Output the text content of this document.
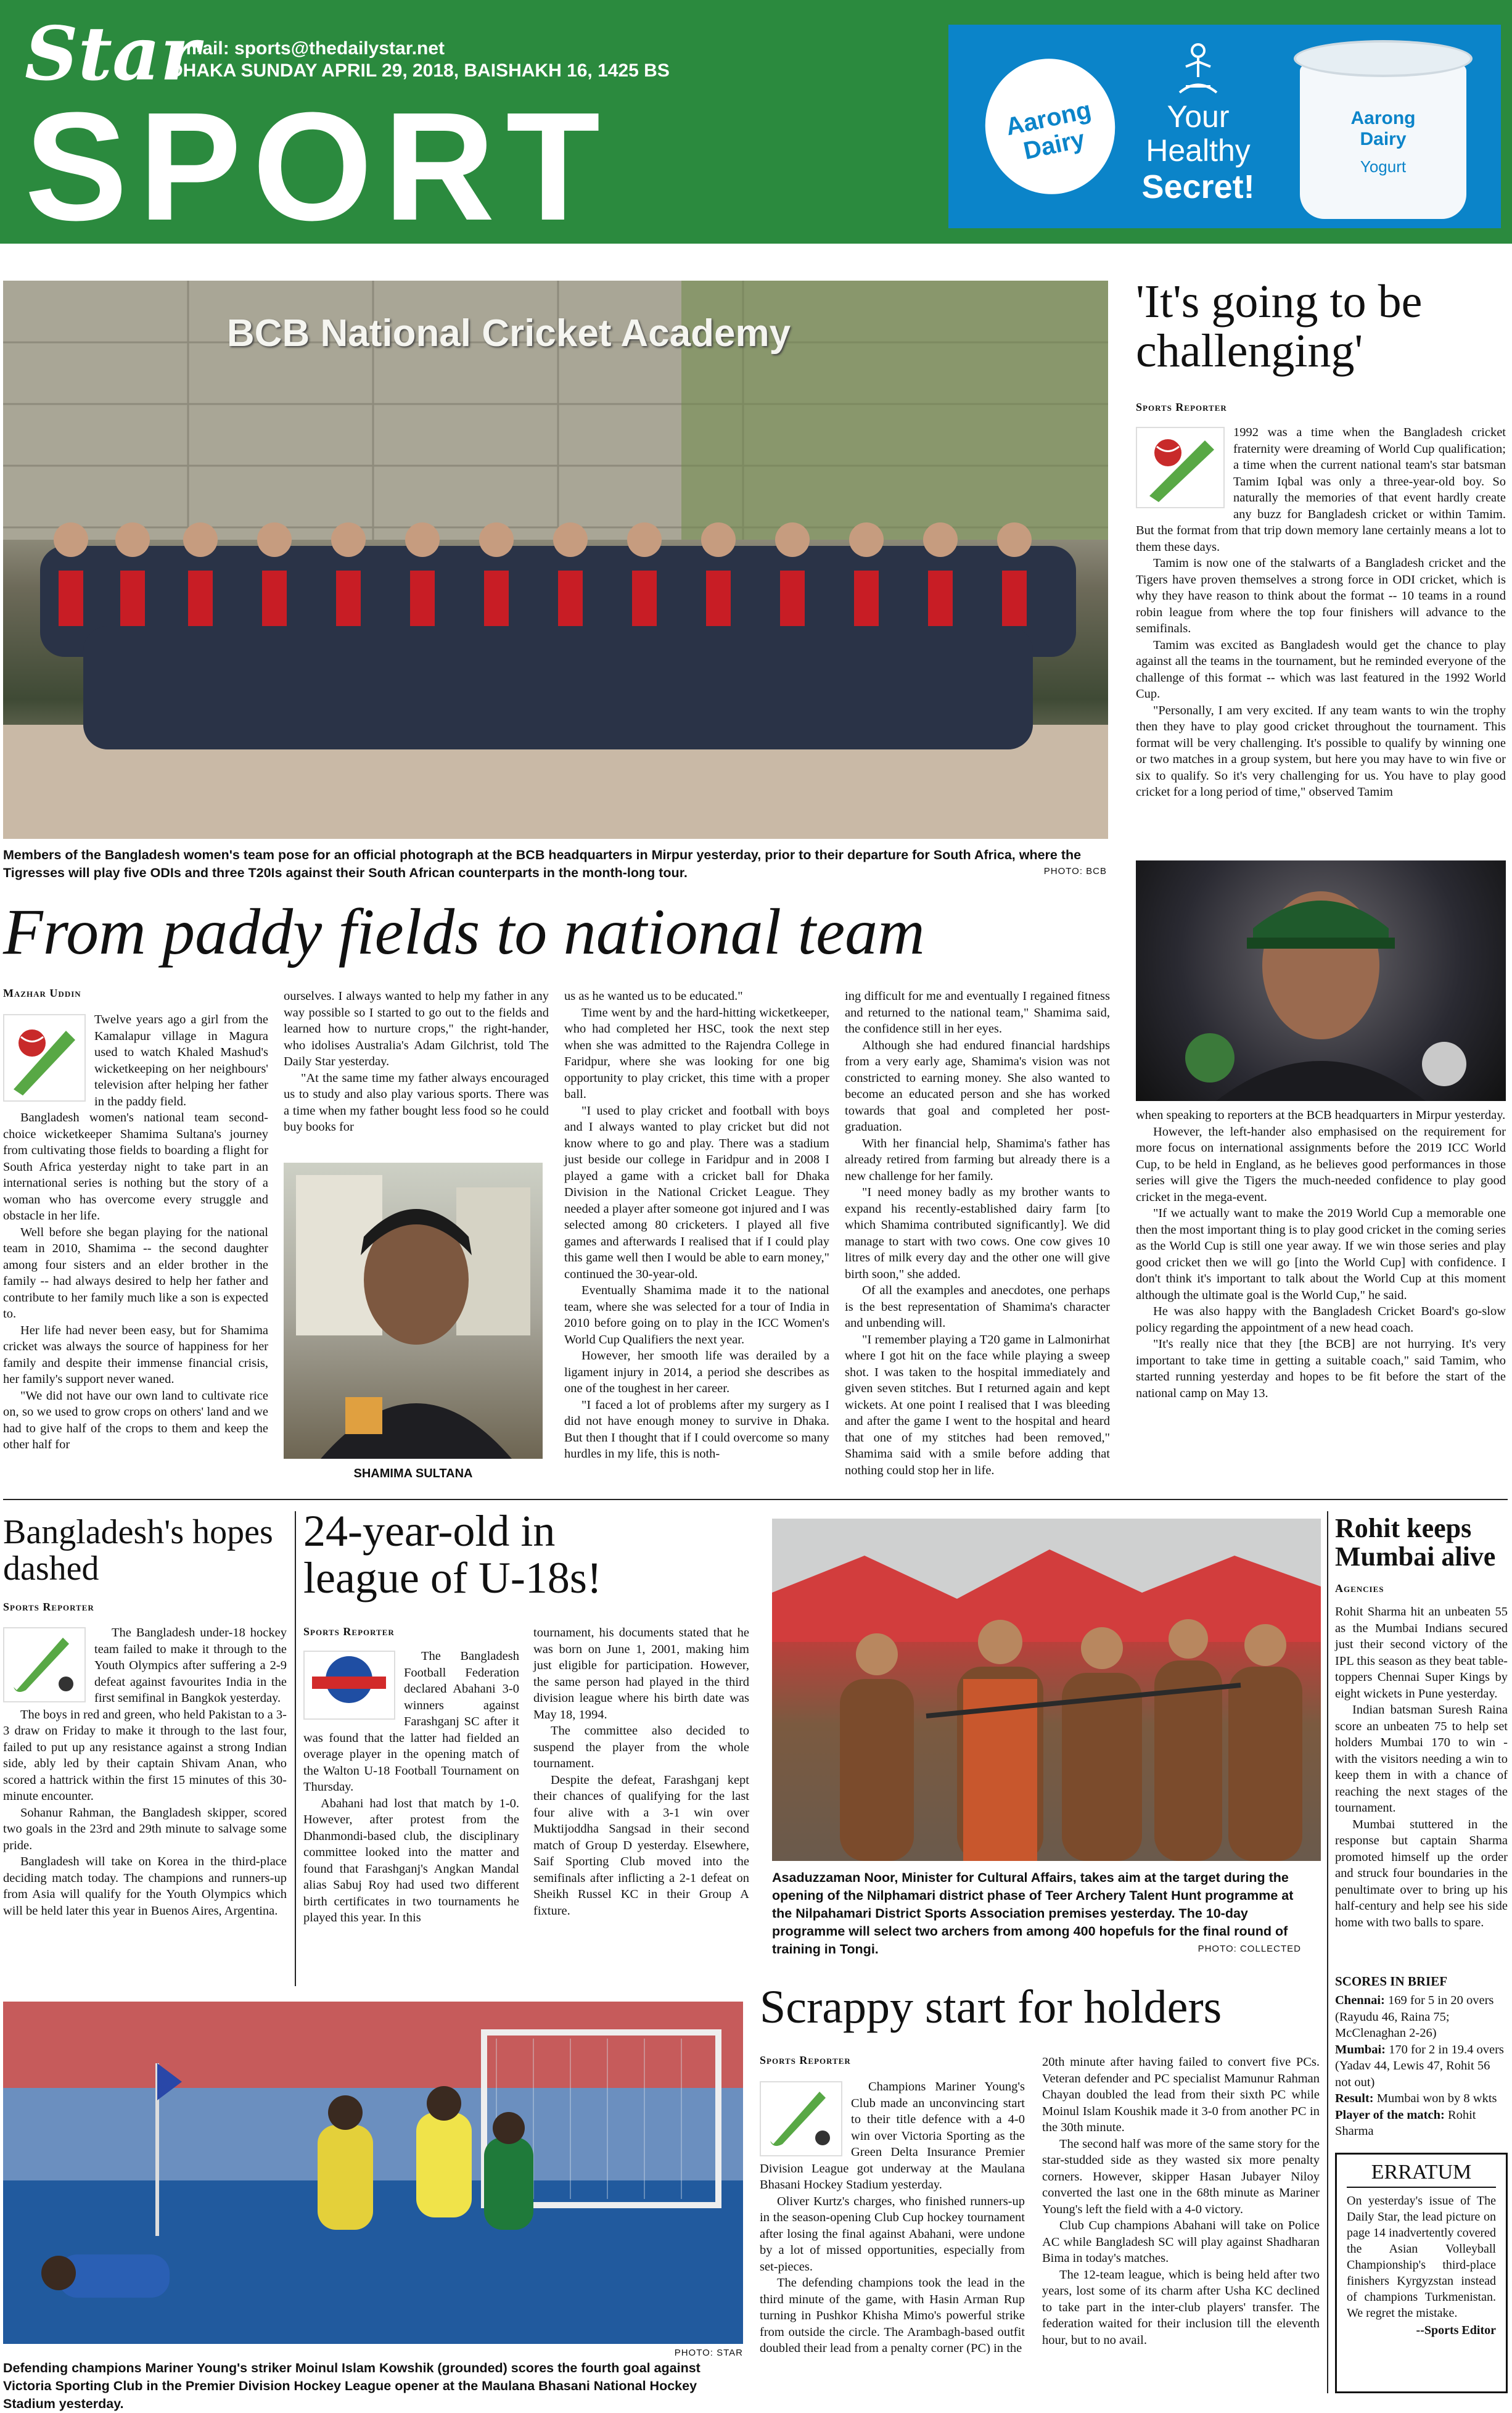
Star
e-mail: sports@thedailystar.net
DHAKA SUNDAY APRIL 29, 2018, BAISHAKH 16, 1425 BS
SPORT	Aarong Dairy
Your
Healthy
Secret!
Aarong Dairy
Yogurt
BCB National Cricket Academy
Members of the Bangladesh women's team pose for an official photograph at the BCB headquarters in Mirpur yesterday, prior to their departure for South Africa, where the Tigresses will play five ODIs and three T20Is against their South African counterparts in the month-long tour.	PHOTO: BCB
'It's going to be challenging'
Sports Reporter

1992 was a time when the Bangladesh cricket fraternity were dreaming of World Cup qualification; a time when the current national team's star batsman Tamim Iqbal was only a three-year-old boy. So naturally the memories of that event hardly create any buzz for Bangladesh cricket or within Tamim. But the format from that trip down memory lane certainly means a lot to them these days.

Tamim is now one of the stalwarts of a Bangladesh cricket and the Tigers have proven themselves a strong force in ODI cricket, which is why they have reason to think about the format -- 10 teams in a round robin league from where the top four finishers will advance to the semifinals.

Tamim was excited as Bangladesh would get the chance to play against all the teams in the tournament, but he reminded everyone of the challenge of this format -- which was last featured in the 1992 World Cup.

"Personally, I am very excited. If any team wants to win the trophy then they have to play good cricket throughout the tournament. This format will be very challenging. It's possible to qualify by winning one or two matches in a group system, but here you may have to win five or six to qualify. So it's very challenging for us. You have to play good cricket for a long period of time," observed Tamim

when speaking to reporters at the BCB headquarters in Mirpur yesterday.

However, the left-hander also emphasised on the requirement for more focus on international assignments before the 2019 ICC World Cup, to be held in England, as he believes good performances in those series will give the Tigers the much-needed confidence to play good cricket in the mega-event.

"If we actually want to make the 2019 World Cup a memorable one then the most important thing is to play good cricket in the coming series as the World Cup is still one year away. If we win those series and play good cricket then we will go [into the World Cup] with confidence. I don't think it's important to talk about the World Cup at this moment although the ultimate goal is the World Cup," he said.

He was also happy with the Bangladesh Cricket Board's go-slow policy regarding the appointment of a new head coach.

"It's really nice that they [the BCB] are not hurrying. It's very important to take time in getting a suitable coach," said Tamim, who started running yesterday and hopes to be fit before the start of the national camp on May 13.

From paddy fields to national team
Mazhar Uddin

Twelve years ago a girl from the Kamalapur village in Magura used to watch Khaled Mashud's wicketkeeping on her neighbours' television after helping her father in the paddy field.

Bangladesh women's national team second-choice wicketkeeper Shamima Sultana's journey from cultivating those fields to boarding a flight for South Africa yesterday night to take part in an international series is nothing but the story of a woman who has overcome every struggle and obstacle in her life.

Well before she began playing for the national team in 2010, Shamima -- the second daughter among four sisters and an elder brother in the family -- had always desired to help her father and contribute to her family much like a son is expected to.

Her life had never been easy, but for Shamima cricket was always the source of happiness for her family and despite their immense financial crisis, her family's support never waned.

"We did not have our own land to cultivate rice on, so we used to grow crops on others' land and we had to give half of the crops to them and keep the other half for

ourselves. I always wanted to help my father in any way possible so I started to go out to the fields and learned how to nurture crops," the right-hander, who idolises Australia's Adam Gilchrist, told The Daily Star yesterday.

"At the same time my father always encouraged us to study and also play various sports. There was a time when my father bought less food so he could buy books for

SHAMIMA SULTANA

us as he wanted us to be educated."

Time went by and the hard-hitting wicketkeeper, who had completed her HSC, took the next step when she was admitted to the Rajendra College in Faridpur, where she was looking for one big opportunity to play cricket, this time with a proper ball.

"I used to play cricket and football with boys and I always wanted to play cricket but did not know where to go and play. There was a stadium just beside our college in Faridpur and in 2008 I played a game with a cricket ball for Dhaka Division in the National Cricket League. They needed a player after someone got injured and I was selected among 80 cricketers. I played all five games and afterwards I realised that if I could play this game well then I would be able to earn money," continued the 30-year-old.

Eventually Shamima made it to the national team, where she was selected for a tour of India in 2010 before going on to play in the ICC Women's World Cup Qualifiers the next year.

However, her smooth life was derailed by a ligament injury in 2014, a period she describes as one of the toughest in her career.

"I faced a lot of problems after my surgery as I did not have enough money to survive in Dhaka. But then I thought that if I could overcome so many hurdles in my life, this is noth-

ing difficult for me and eventually I regained fitness and returned to the national team," Shamima said, the confidence still in her eyes.

Although she had endured financial hardships from a very early age, Shamima's vision was not constricted to earning money. She also wanted to become an educated person and she has worked towards that goal and completed her post-graduation.

With her financial help, Shamima's father has already retired from farming but already there is a new challenge for her family.

"I need money badly as my brother wants to expand his recently-established dairy farm [to which Shamima contributed significantly]. We did manage to start with two cows. One cow gives 10 litres of milk every day and the other one will give birth soon," she added.

Of all the examples and anecdotes, one perhaps is the best representation of Shamima's character and unbending will.

"I remember playing a T20 game in Lalmonirhat where I got hit on the face while playing a sweep shot. I was taken to the hospital immediately and given seven stitches. But I returned again and kept wickets. At one point I realised that I was bleeding and after the game I went to the hospital and heard that one of my stitches had been removed," Shamima said with a smile before adding that nothing could stop her in life.

Bangladesh's hopes dashed
Sports Reporter

The Bangladesh under-18 hockey team failed to make it through to the Youth Olympics after suffering a 2-9 defeat against favourites India in the first semifinal in Bangkok yesterday.

The boys in red and green, who held Pakistan to a 3-3 draw on Friday to make it through to the last four, failed to put up any resistance against a strong Indian side, ably led by their captain Shivam Anan, who scored a hattrick within the first 15 minutes of this 30-minute encounter.

Sohanur Rahman, the Bangladesh skipper, scored two goals in the 23rd and 29th minute to salvage some pride.

Bangladesh will take on Korea in the third-place deciding match today. The champions and runners-up from Asia will qualify for the Youth Olympics which will be held later this year in Buenos Aires, Argentina.

24-year-old in league of U-18s!
Sports Reporter

The Bangladesh Football Federation declared Abahani 3-0 winners against Farashganj SC after it was found that the latter had fielded an overage player in the opening match of the Walton U-18 Football Tournament on Thursday.

Abahani had lost that match by 1-0. However, after protest from the Dhanmondi-based club, the disciplinary committee looked into the matter and found that Farashganj's Angkan Mandal alias Sabuj Roy had used two different birth certificates in two tournaments he played this year. In this

tournament, his documents stated that he was born on June 1, 2001, making him just eligible for participation. However, the same person had played in the third division league where his birth date was May 18, 1994.

The committee also decided to suspend the player from the whole tournament.

Despite the defeat, Farashganj kept their chances of qualifying for the last four alive with a 3-1 win over Muktijoddha Sangsad in their second match of Group D yesterday. Elsewhere, Saif Sporting Club moved into the semifinals after inflicting a 2-1 defeat on Sheikh Russel KC in their Group A fixture.

Asaduzzaman Noor, Minister for Cultural Affairs, takes aim at the target during the opening of the Nilphamari district phase of Teer Archery Talent Hunt programme at the Nilpahamari District Sports Association premises yesterday. The 10-day programme will select two archers from among 400 hopefuls for the final round of training in Tongi.	PHOTO: COLLECTED
Rohit keeps Mumbai alive
Agencies

Rohit Sharma hit an unbeaten 55 as the Mumbai Indians secured just their second victory of the IPL this season as they beat table-toppers Chennai Super Kings by eight wickets in Pune yesterday.

Indian batsman Suresh Raina score an unbeaten 75 to help set holders Mumbai 170 to win - with the visitors needing a win to keep them in with a chance of reaching the next stages of the tournament.

Mumbai stuttered in the response but captain Sharma promoted himself up the order and struck four boundaries in the penultimate over to bring up his half-century and help see his side home with two balls to spare.

SCORES IN BRIEF
Chennai: 169 for 5 in 20 overs (Rayudu 46, Raina 75; McClenaghan 2-26)
Mumbai: 170 for 2 in 19.4 overs (Yadav 44, Lewis 47, Rohit 56 not out)
Result: Mumbai won by 8 wkts
Player of the match: Rohit Sharma
ERRATUM
On yesterday's issue of The Daily Star, the lead picture on page 14 inadvertently covered the Asian Volleyball Championship's third-place finishers Kyrgyzstan instead of champions Turkmenistan. We regret the mistake.
--Sports Editor
Defending champions Mariner Young's striker Moinul Islam Kowshik (grounded) scores the fourth goal against Victoria Sporting Club in the Premier Division Hockey League opener at the Maulana Bhasani National Hockey Stadium yesterday.
PHOTO: STAR
Scrappy start for holders
Sports Reporter

Champions Mariner Young's Club made an unconvincing start to their title defence with a 4-0 win over Victoria Sporting as the Green Delta Insurance Premier Division League got underway at the Maulana Bhasani Hockey Stadium yesterday.

Oliver Kurtz's charges, who finished runners-up in the season-opening Club Cup hockey tournament after losing the final against Abahani, were undone by a lot of missed opportunities, especially from set-pieces.

The defending champions took the lead in the third minute of the game, with Hasin Arman Rup turning in Pushkor Khisha Mimo's powerful strike from outside the circle. The Arambagh-based outfit doubled their lead from a penalty corner (PC) in the

20th minute after having failed to convert five PCs. Veteran defender and PC specialist Mamunur Rahman Chayan doubled the lead from their sixth PC while Moinul Islam Koushik made it 3-0 from another PC in the 30th minute.

The second half was more of the same story for the star-studded side as they wasted six more penalty corners. However, skipper Hasan Jubayer Niloy converted the last one in the 68th minute as Mariner Young's left the field with a 4-0 victory.

Club Cup champions Abahani will take on Police AC while Bangladesh SC will play against Shadharan Bima in today's matches.

The 12-team league, which is being held after two years, lost some of its charm after Usha KC declined to take part in the inter-club players' transfer. The federation waited for their inclusion till the eleventh hour, but to no avail.
